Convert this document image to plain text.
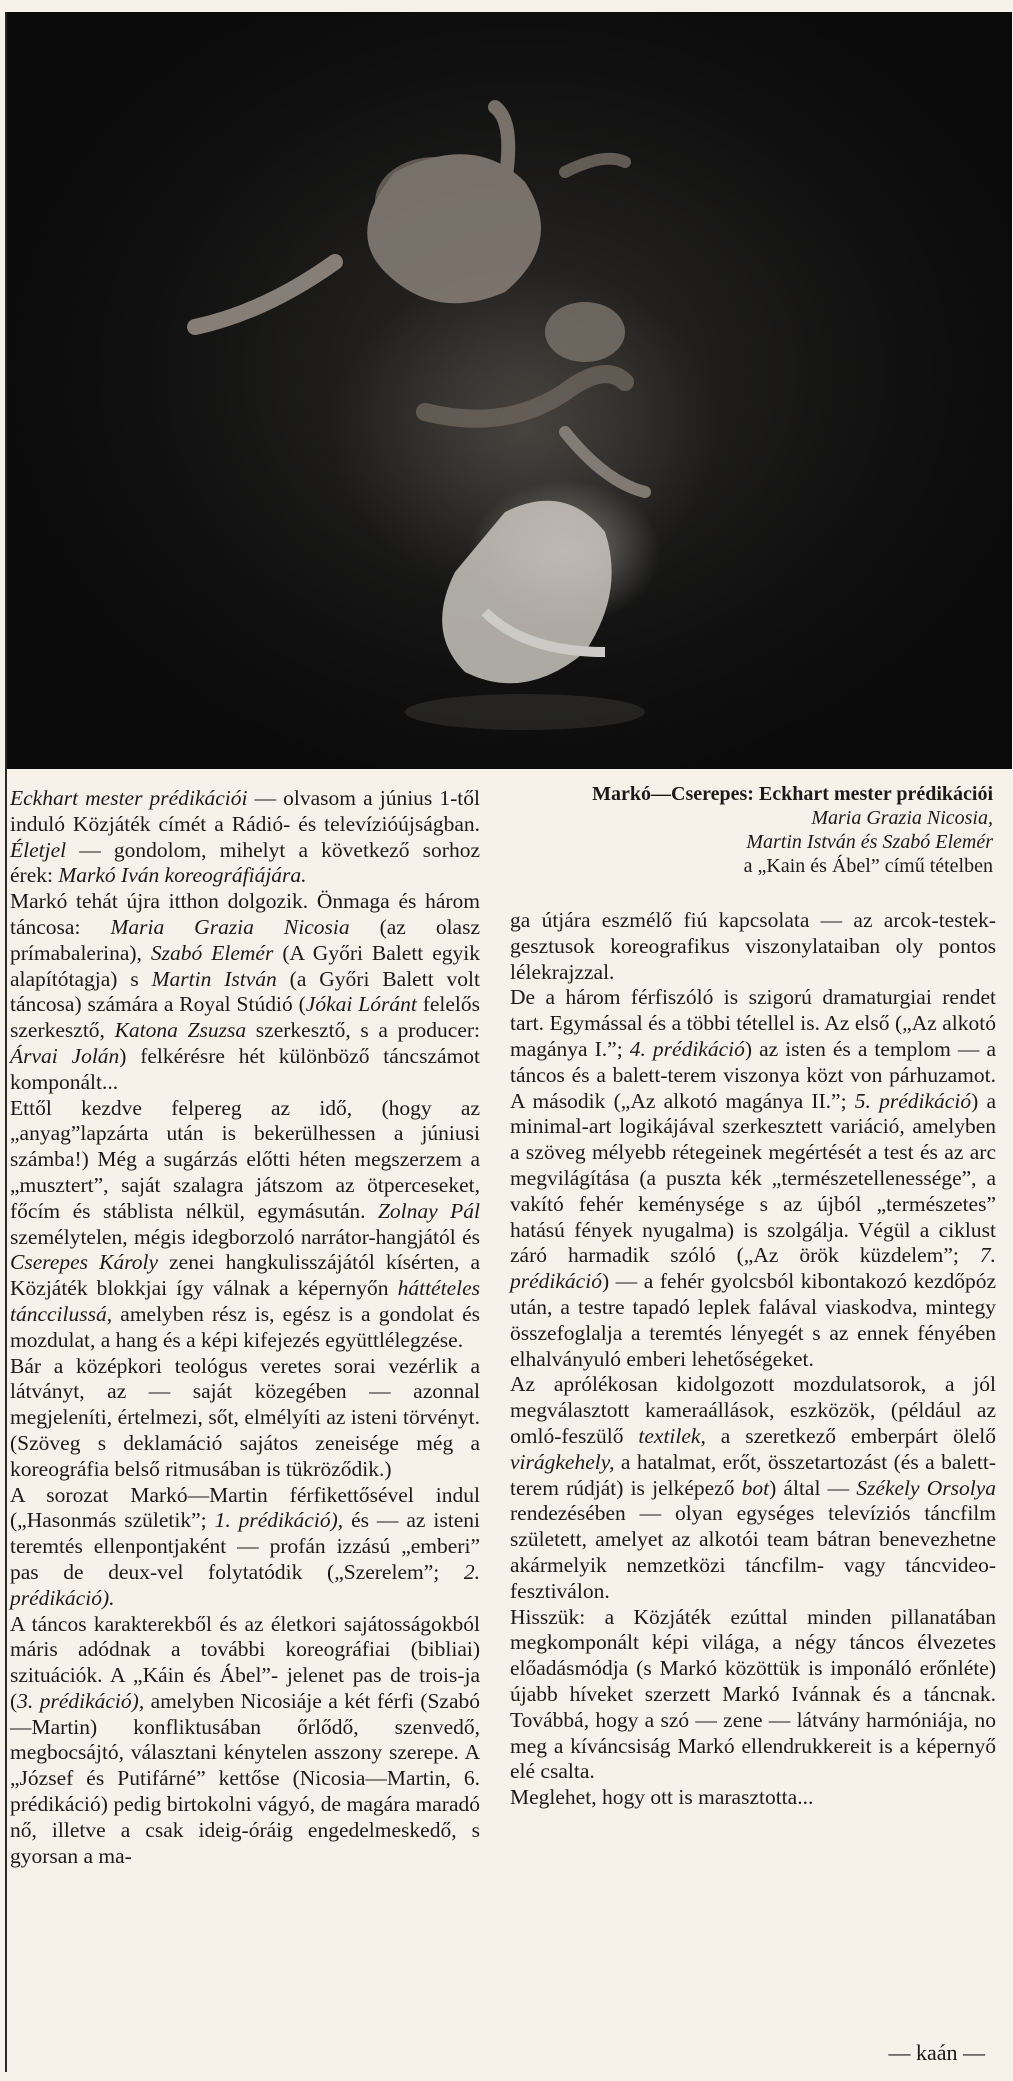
Markó—Cserepes: Eckhart mester prédikációi
Maria Grazia Nicosia,
Martin István és Szabó Elemér
a „Kain és Ábel” című tételben

Eckhart mester prédikációi — olvasom a június 1-től induló Közjáték címét a Rádió- és televízióújságban. Életjel — gondolom, mihelyt a következő sorhoz érek: Markó Iván koreográfiájára.

Markó tehát újra itthon dolgozik. Önmaga és három táncosa: Maria Grazia Nicosia (az olasz prímabalerina), Szabó Elemér (A Győri Balett egyik alapítótagja) s Martin István (a Győri Balett volt táncosa) számára a Royal Stúdió (Jókai Lóránt felelős szerkesztő, Katona Zsuzsa szerkesztő, s a producer: Árvai Jolán) felkérésre hét különböző táncszámot komponált...

Ettől kezdve felpereg az idő, (hogy az „anyag”lapzárta után is bekerülhessen a júniusi számba!) Még a sugárzás előtti héten megszerzem a „musztert”, saját szalagra játszom az ötperceseket, főcím és stáblista nélkül, egymásután. Zolnay Pál személytelen, mégis idegborzoló narrátor-hangjától és Cserepes Károly zenei hangkulisszájától kísérten, a Közjáték blokkjai így válnak a képernyőn háttételes tánccilussá, amelyben rész is, egész is a gondolat és mozdulat, a hang és a képi kifejezés együttlélegzése.

Bár a középkori teológus veretes sorai vezérlik a látványt, az — saját közegében — azonnal megjeleníti, értelmezi, sőt, elmélyíti az isteni törvényt. (Szöveg s deklamáció sajátos zeneisége még a koreográfia belső ritmusában is tükröződik.)

A sorozat Markó—Martin férfikettősével indul („Hasonmás születik”; 1. prédikáció), és — az isteni teremtés ellenpontjaként — profán izzású „emberi” pas de deux-vel folytatódik („Szerelem”; 2. prédikáció).

A táncos karakterekből és az életkori sajátosságokból máris adódnak a további koreográfiai (bibliai) szituációk. A „Káin és Ábel”- jelenet pas de trois-ja (3. prédikáció), amelyben Nicosiáje a két férfi (Szabó—Martin) konfliktusában őrlődő, szenvedő, megbocsájtó, választani kénytelen asszony szerepe. A „József és Putifárné” kettőse (Nicosia—Martin, 6. prédikáció) pedig birtokolni vágyó, de magára maradó nő, illetve a csak ideig-óráig engedelmeskedő, s gyorsan a ma-

ga útjára eszmélő fiú kapcsolata — az arcok-testek-gesztusok koreografikus viszonylataiban oly pontos lélekrajzzal.

De a három férfiszóló is szigorú dramaturgiai rendet tart. Egymással és a többi tétellel is. Az első („Az alkotó magánya I.”; 4. prédikáció) az isten és a templom — a táncos és a balett-terem viszonya közt von párhuzamot. A második („Az alkotó magánya II.”; 5. prédikáció) a minimal-art logikájával szerkesztett variáció, amelyben a szöveg mélyebb rétegeinek megértését a test és az arc megvilágítása (a puszta kék „természetellenessége”, a vakító fehér keménysége s az újból „természetes” hatású fények nyugalma) is szolgálja. Végül a ciklust záró harmadik szóló („Az örök küzdelem”; 7. prédikáció) — a fehér gyolcsból kibontakozó kezdőpóz után, a testre tapadó leplek falával viaskodva, mintegy összefoglalja a teremtés lényegét s az ennek fényében elhalványuló emberi lehetőségeket.

Az aprólékosan kidolgozott mozdulatsorok, a jól megválasztott kameraállások, eszközök, (például az omló-feszülő textilek, a szeretkező emberpárt ölelő virágkehely, a hatalmat, erőt, összetartozást (és a balett-terem rúdját) is jelképező bot) által — Székely Orsolya rendezésében — olyan egységes televíziós táncfilm született, amelyet az alkotói team bátran benevezhetne akármelyik nemzetközi táncfilm- vagy táncvideo-fesztiválon.

Hisszük: a Közjáték ezúttal minden pillanatában megkomponált képi világa, a négy táncos élvezetes előadásmódja (s Markó közöttük is imponáló erőnléte) újabb híveket szerzett Markó Ivánnak és a táncnak. Továbbá, hogy a szó — zene — látvány harmóniája, no meg a kíváncsiság Markó ellendrukkereit is a képernyő elé csalta.

Meglehet, hogy ott is marasztotta...

— kaán —
